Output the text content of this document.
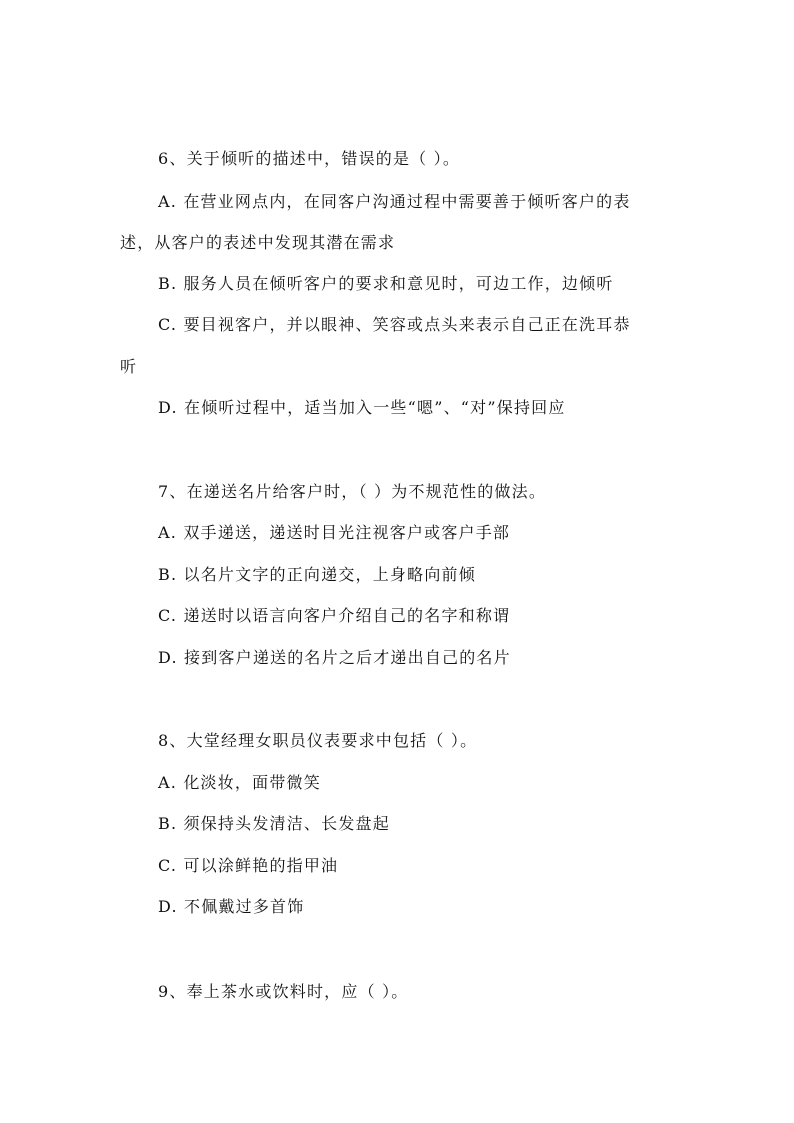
6、关于倾听的描述中，错误的是（ ）。
A. 在营业网点内，在同客户沟通过程中需要善于倾听客户的表
述，从客户的表述中发现其潜在需求
B. 服务人员在倾听客户的要求和意见时，可边工作，边倾听
C. 要目视客户，并以眼神、笑容或点头来表示自己正在洗耳恭
听
D. 在倾听过程中，适当加入一些“嗯”、“对”保持回应
7、在递送名片给客户时，（ ）为不规范性的做法。
A. 双手递送，递送时目光注视客户或客户手部
B. 以名片文字的正向递交，上身略向前倾
C. 递送时以语言向客户介绍自己的名字和称谓
D. 接到客户递送的名片之后才递出自己的名片
8、大堂经理女职员仪表要求中包括（ ）。
A. 化淡妆，面带微笑
B. 须保持头发清洁、长发盘起
C. 可以涂鲜艳的指甲油
D. 不佩戴过多首饰
9、奉上茶水或饮料时，应（ ）。
